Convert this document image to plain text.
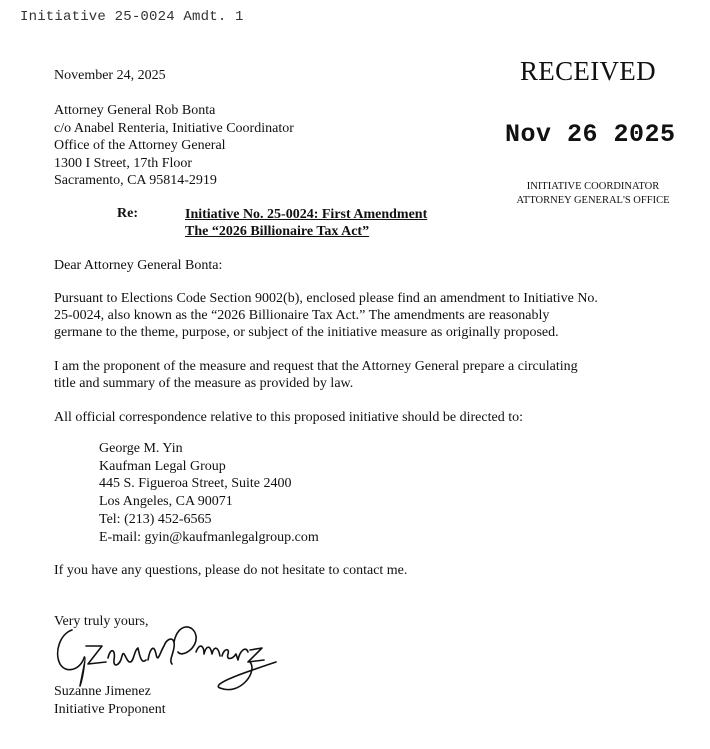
Initiative 25-0024 Amdt. 1
November 24, 2025
Attorney General Rob Bonta
c/o Anabel Renteria, Initiative Coordinator
Office of the Attorney General
1300 I Street, 17th Floor
Sacramento, CA 95814-2919
RECEIVED
Nov 26 2025
INITIATIVE COORDINATOR
ATTORNEY GENERAL'S OFFICE
Re:	Initiative No. 25-0024: First Amendment
The “2026 Billionaire Tax Act”
Dear Attorney General Bonta:
Pursuant to Elections Code Section 9002(b), enclosed please find an amendment to Initiative No.
25-0024, also known as the “2026 Billionaire Tax Act.” The amendments are reasonably
germane to the theme, purpose, or subject of the initiative measure as originally proposed.
I am the proponent of the measure and request that the Attorney General prepare a circulating
title and summary of the measure as provided by law.
All official correspondence relative to this proposed initiative should be directed to:
George M. Yin
Kaufman Legal Group
445 S. Figueroa Street, Suite 2400
Los Angeles, CA 90071
Tel: (213) 452-6565
E-mail: gyin@kaufmanlegalgroup.com
If you have any questions, please do not hesitate to contact me.
Very truly yours,
Suzanne Jimenez
Initiative Proponent
